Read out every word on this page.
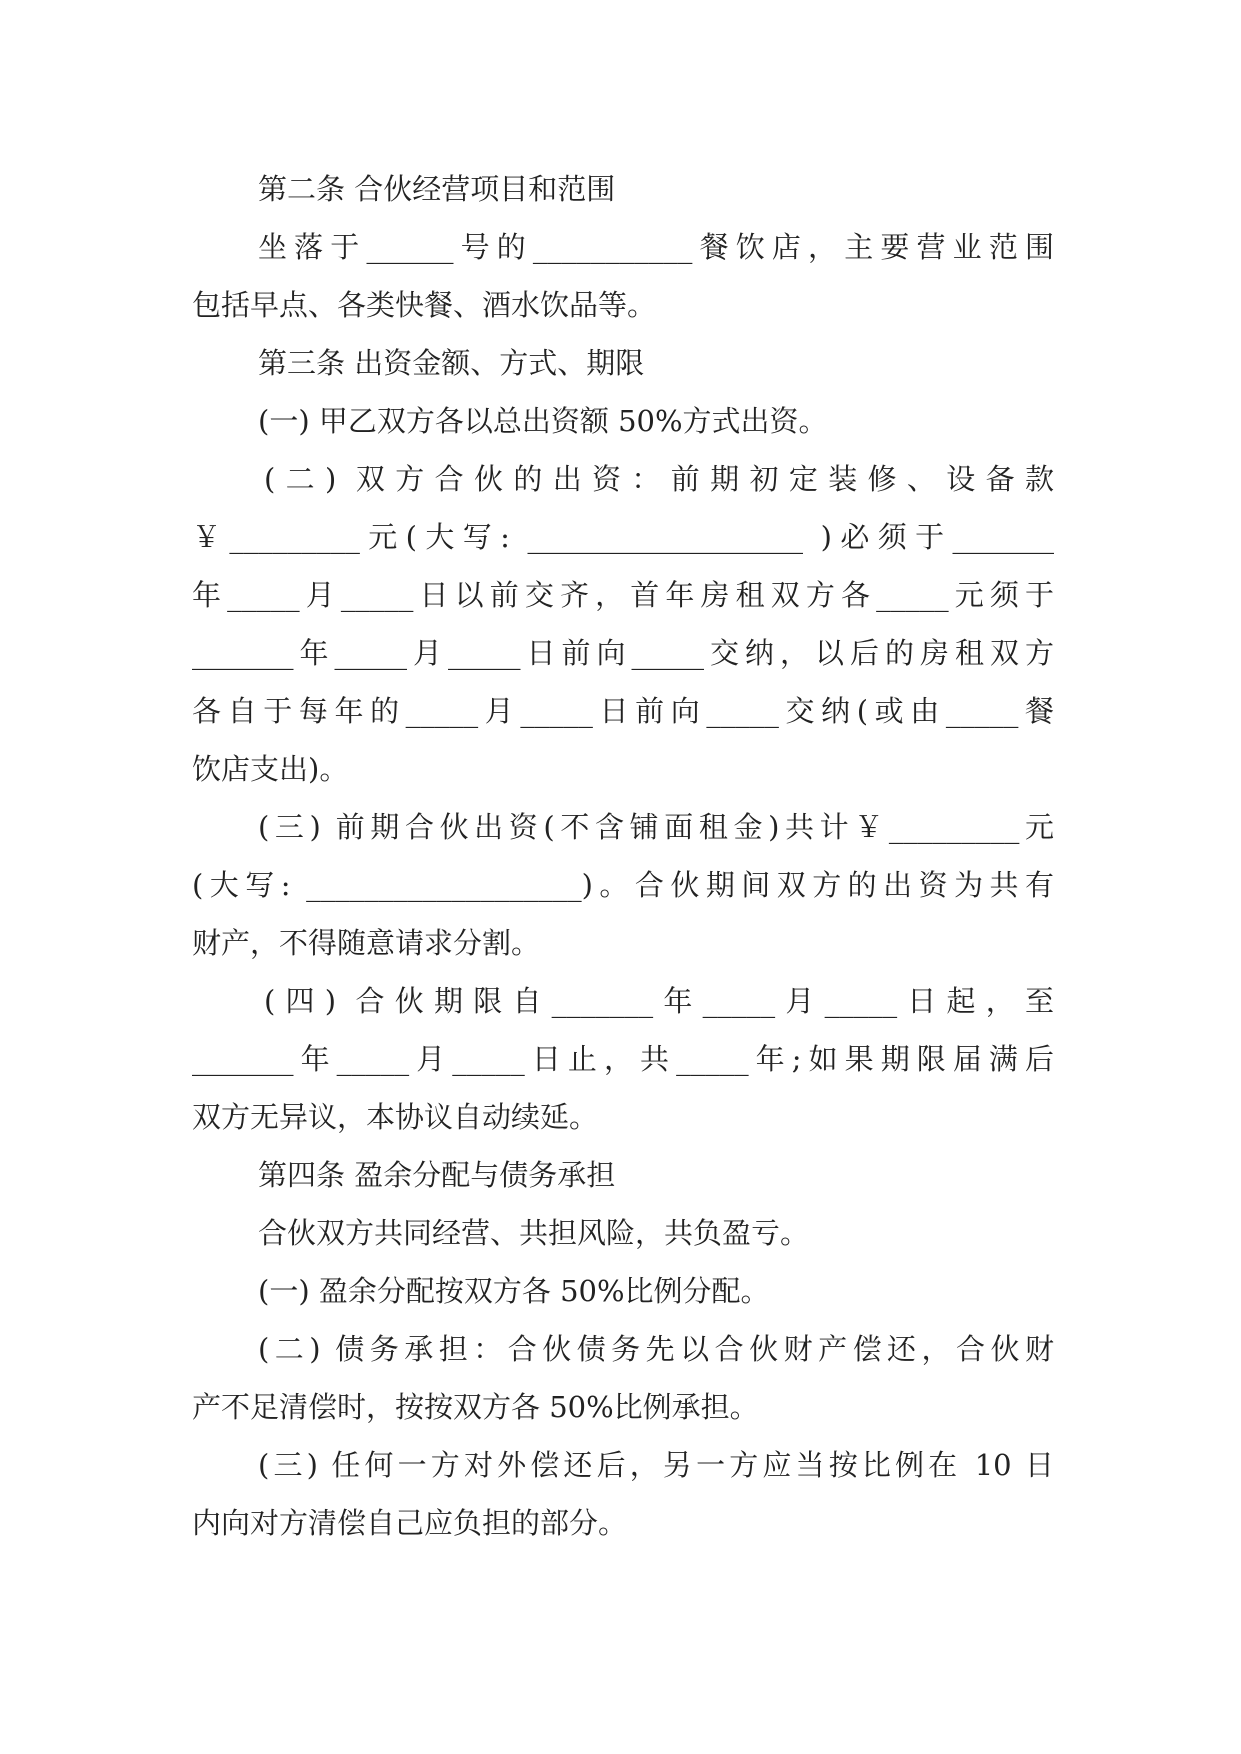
第二条 合伙经营项目和范围

坐落于______号的___________餐饮店，主要营业范围

包括早点、各类快餐、酒水饮品等。

第三条 出资金额、方式、期限

(一) 甲乙双方各以总出资额 50%方式出资。

(二) 双方合伙的出资：前期初定装修、设备款

￥_________元(大写: ___________________ )必须于_______

年_____月_____日以前交齐，首年房租双方各_____元须于

_______年_____月_____日前向_____交纳，以后的房租双方

各自于每年的_____月_____日前向_____交纳(或由_____餐

饮店支出)。

(三) 前期合伙出资(不含铺面租金)共计￥_________元

(大写: ___________________)。合伙期间双方的出资为共有

财产，不得随意请求分割。

(四) 合伙期限自_______年_____月_____日起，至

_______年_____月_____日止，共_____年;如果期限届满后

双方无异议，本协议自动续延。

第四条 盈余分配与债务承担

合伙双方共同经营、共担风险，共负盈亏。

(一) 盈余分配按双方各 50%比例分配。

(二) 债务承担：合伙债务先以合伙财产偿还，合伙财

产不足清偿时，按按双方各 50%比例承担。

(三) 任何一方对外偿还后，另一方应当按比例在 10 日

内向对方清偿自己应负担的部分。
